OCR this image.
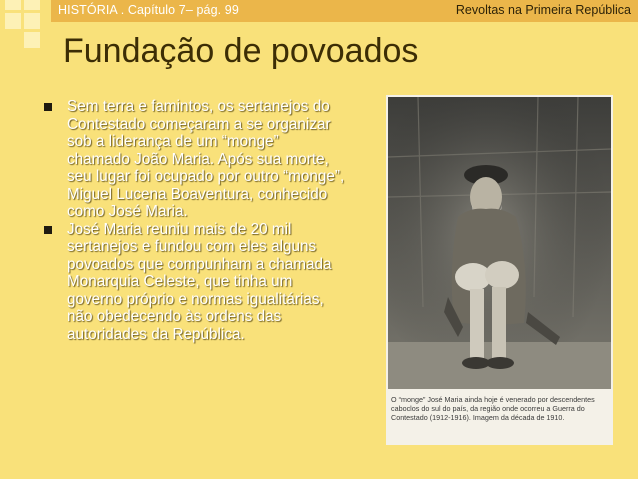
HISTÓRIA . Capítulo 7– pág. 99	Revoltas na Primeira República
Fundação de povoados
Sem terra e famintos, os sertanejos do Contestado começaram a se organizar sob a liderança de um “monge” chamado João Maria. Após sua morte, seu lugar foi ocupado por outro “monge”, Miguel Lucena Boaventura, conhecido como José Maria.
José Maria reuniu mais de 20 mil sertanejos e fundou com eles alguns povoados que compunham a chamada Monarquia Celeste, que tinha um governo próprio e normas igualitárias, não obedecendo às ordens das autoridades da República.
O “monge” José Maria ainda hoje é venerado por descendentes caboclos do sul do país, da região onde ocorreu a Guerra do Contestado (1912-1916). Imagem da década de 1910.
